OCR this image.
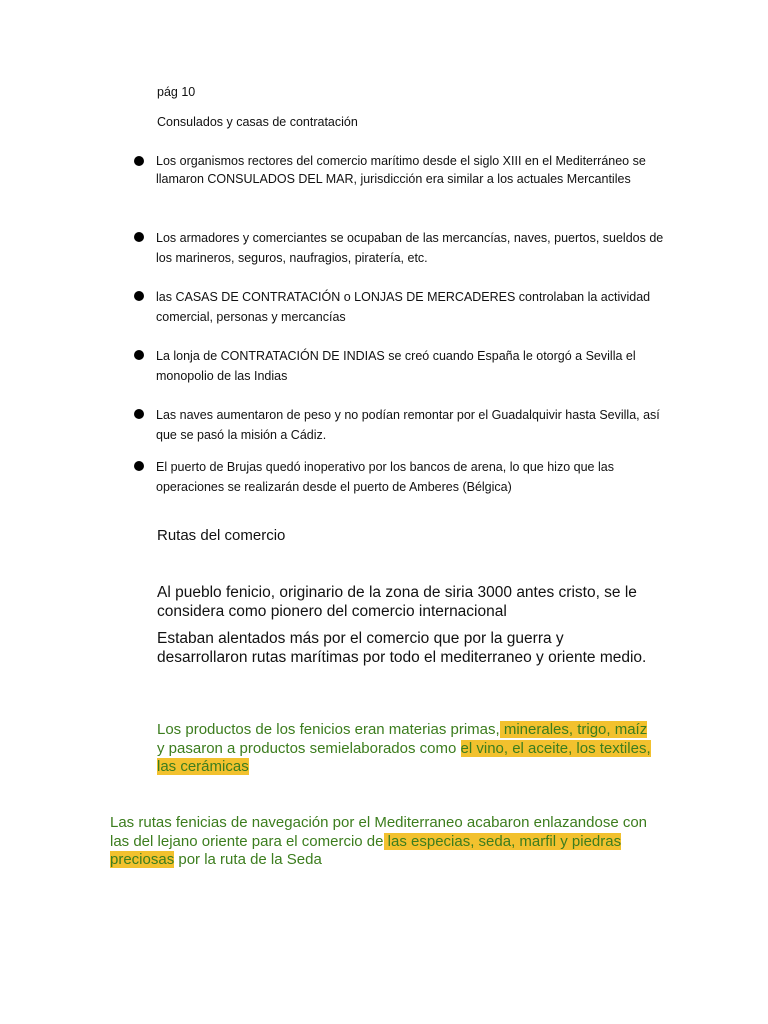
pág 10
Consulados y casas de contratación
Los organismos rectores del comercio marítimo desde el siglo XIII en el Mediterráneo se llamaron CONSULADOS DEL MAR, jurisdicción era similar a los actuales Mercantiles
Los armadores y comerciantes se ocupaban de las mercancías, naves, puertos, sueldos de los marineros, seguros, naufragios, piratería, etc.
las CASAS DE CONTRATACIÓN o LONJAS DE MERCADERES controlaban la actividad comercial, personas y mercancías
La lonja de CONTRATACIÓN DE INDIAS se creó cuando España le otorgó a Sevilla el monopolio de las Indias
Las naves aumentaron de peso y no podían remontar por el Guadalquivir hasta Sevilla, así que se pasó la misión a Cádiz.
El puerto de Brujas quedó inoperativo por los bancos de arena, lo que hizo que las operaciones se realizarán desde el puerto de Amberes (Bélgica)
Rutas del comercio
Al pueblo fenicio, originario de la zona de siria 3000 antes cristo, se le considera como pionero del comercio internacional
Estaban alentados más por el comercio que por la guerra y desarrollaron rutas marítimas por todo el mediterraneo y oriente medio.
Los productos de los fenicios eran materias primas, minerales, trigo, maíz y pasaron a productos semielaborados como el vino, el aceite, los textiles, las cerámicas
Las rutas fenicias de navegación por el Mediterraneo acabaron enlazandose con las del lejano oriente para el comercio de las especias, seda, marfil y piedras preciosas por la ruta de la Seda
